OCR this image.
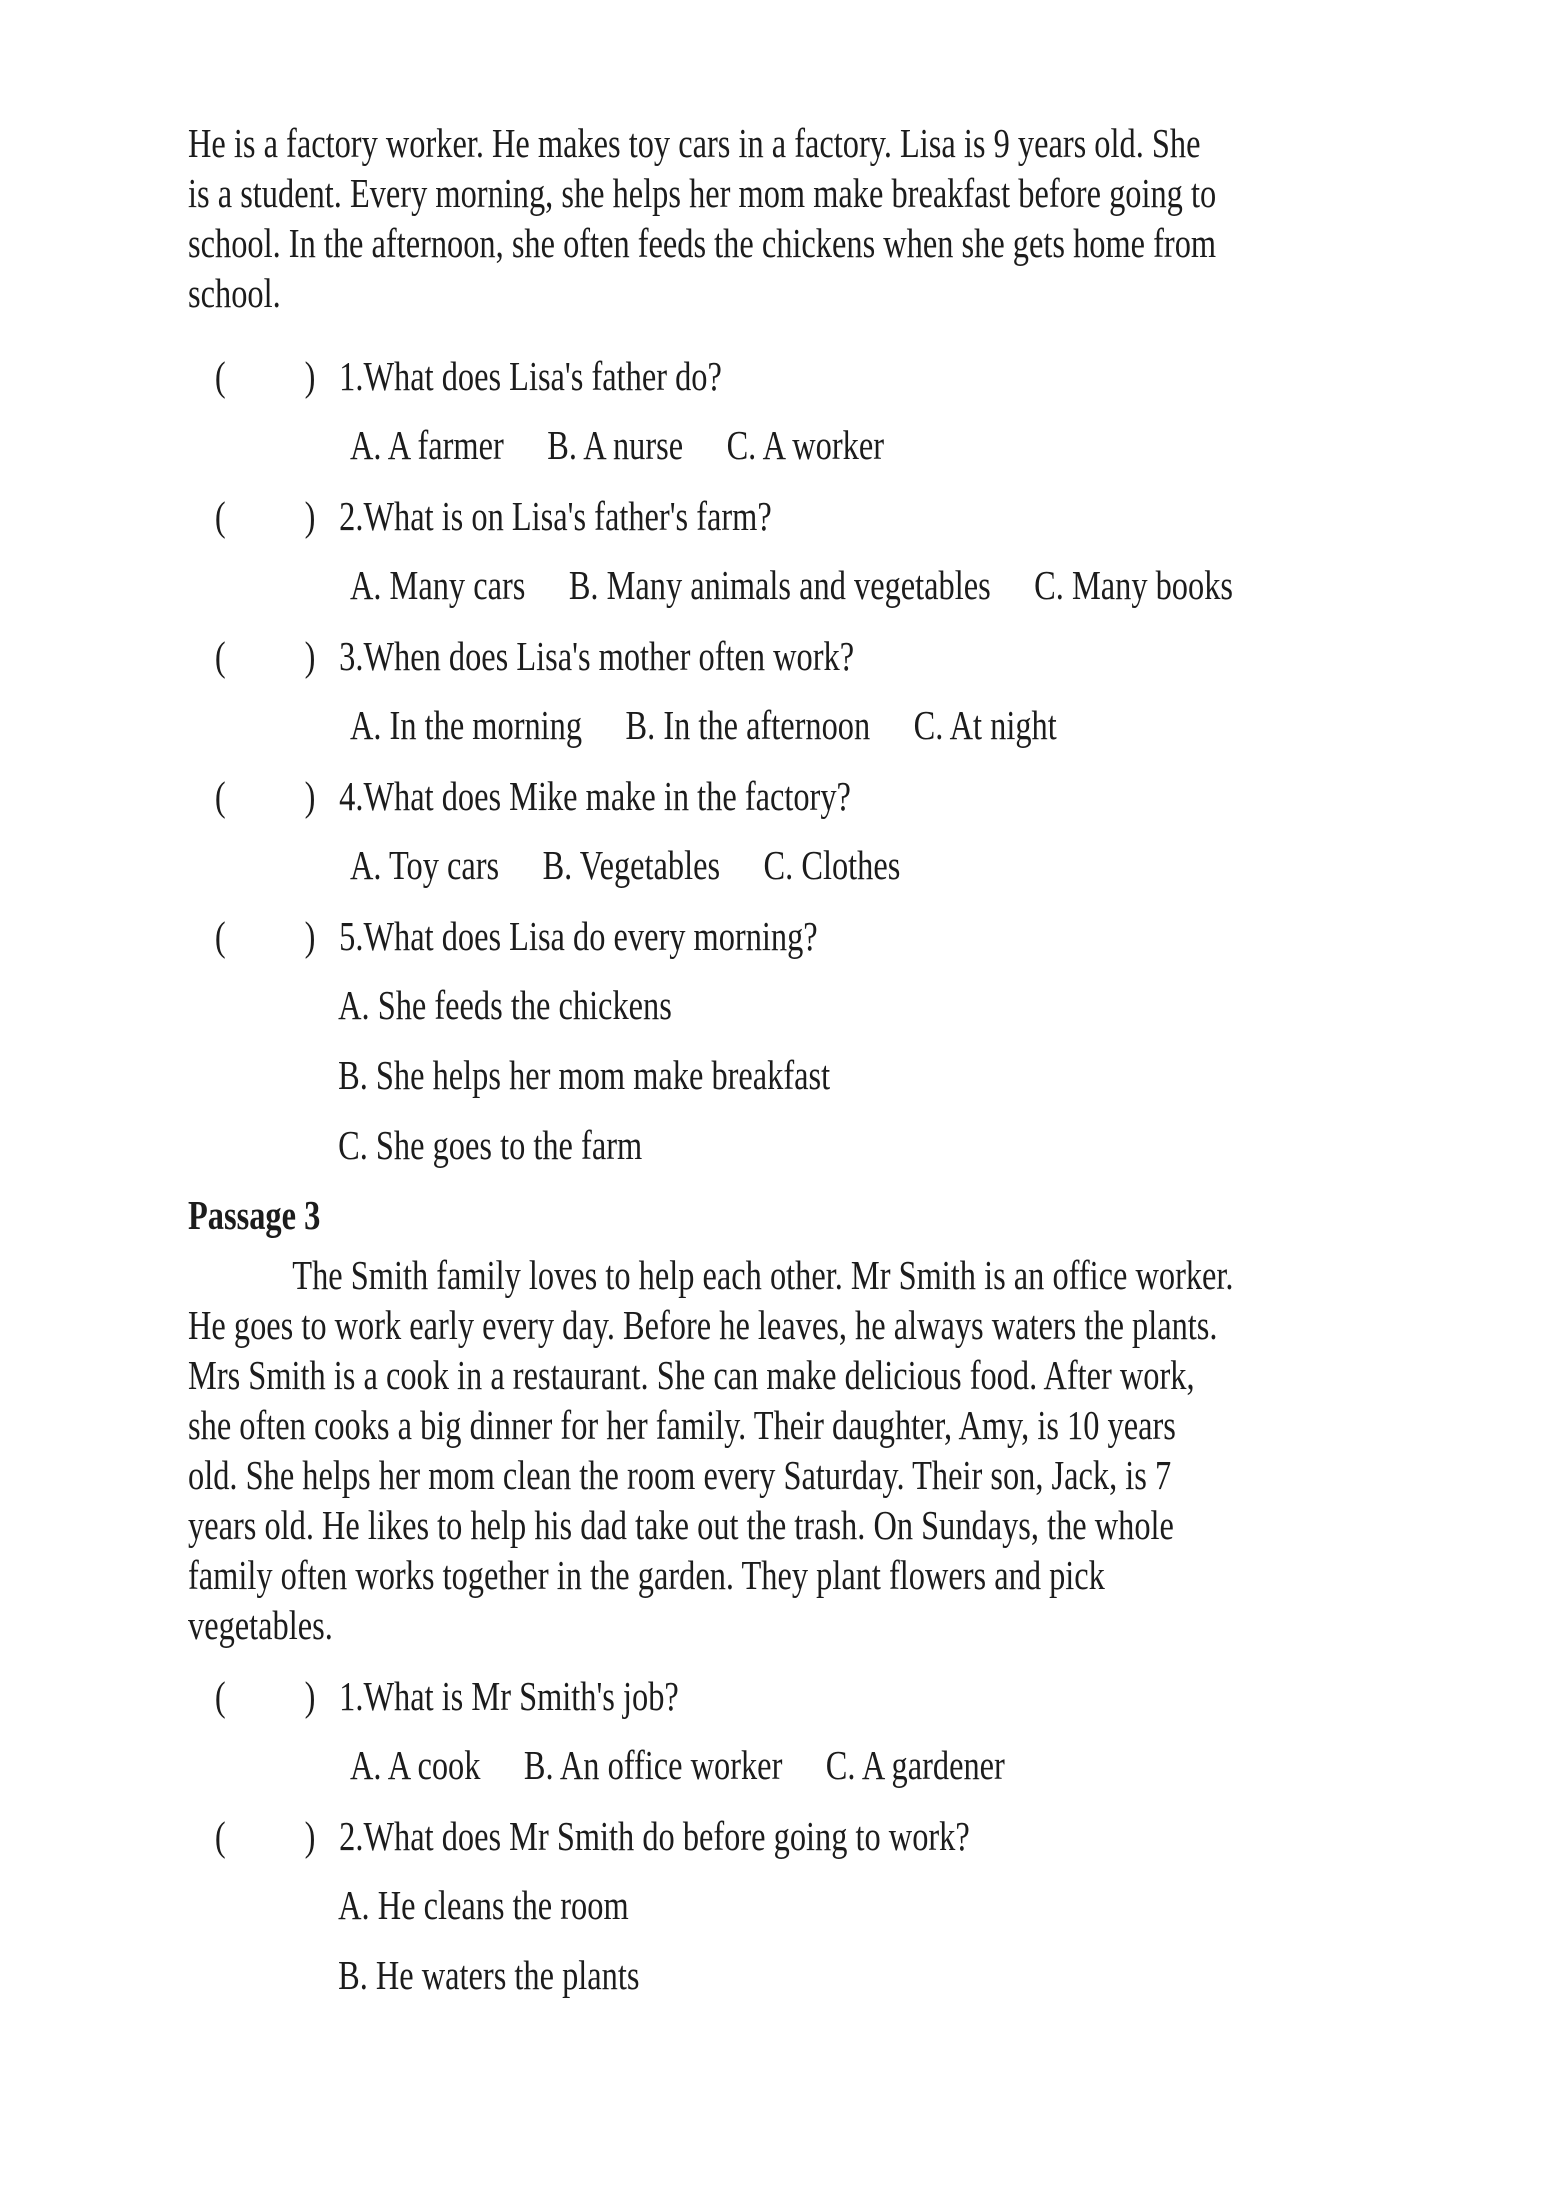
He is a factory worker. He makes toy cars in a factory. Lisa is 9 years old. She
is a student. Every morning, she helps her mom make breakfast before going to
school. In the afternoon, she often feeds the chickens when she gets home from
school.
( ) 1.What does Lisa's father do?
A. A farmer B. A nurse C. A worker
( ) 2.What is on Lisa's father's farm?
A. Many cars B. Many animals and vegetables C. Many books
( ) 3.When does Lisa's mother often work?
A. In the morning B. In the afternoon C. At night
( ) 4.What does Mike make in the factory?
A. Toy cars B. Vegetables C. Clothes
( ) 5.What does Lisa do every morning?
A. She feeds the chickens
B. She helps her mom make breakfast
C. She goes to the farm
Passage 3
The Smith family loves to help each other. Mr Smith is an office worker.
He goes to work early every day. Before he leaves, he always waters the plants.
Mrs Smith is a cook in a restaurant. She can make delicious food. After work,
she often cooks a big dinner for her family. Their daughter, Amy, is 10 years
old. She helps her mom clean the room every Saturday. Their son, Jack, is 7
years old. He likes to help his dad take out the trash. On Sundays, the whole
family often works together in the garden. They plant flowers and pick
vegetables.
( ) 1.What is Mr Smith's job?
A. A cook B. An office worker C. A gardener
( ) 2.What does Mr Smith do before going to work?
A. He cleans the room
B. He waters the plants
